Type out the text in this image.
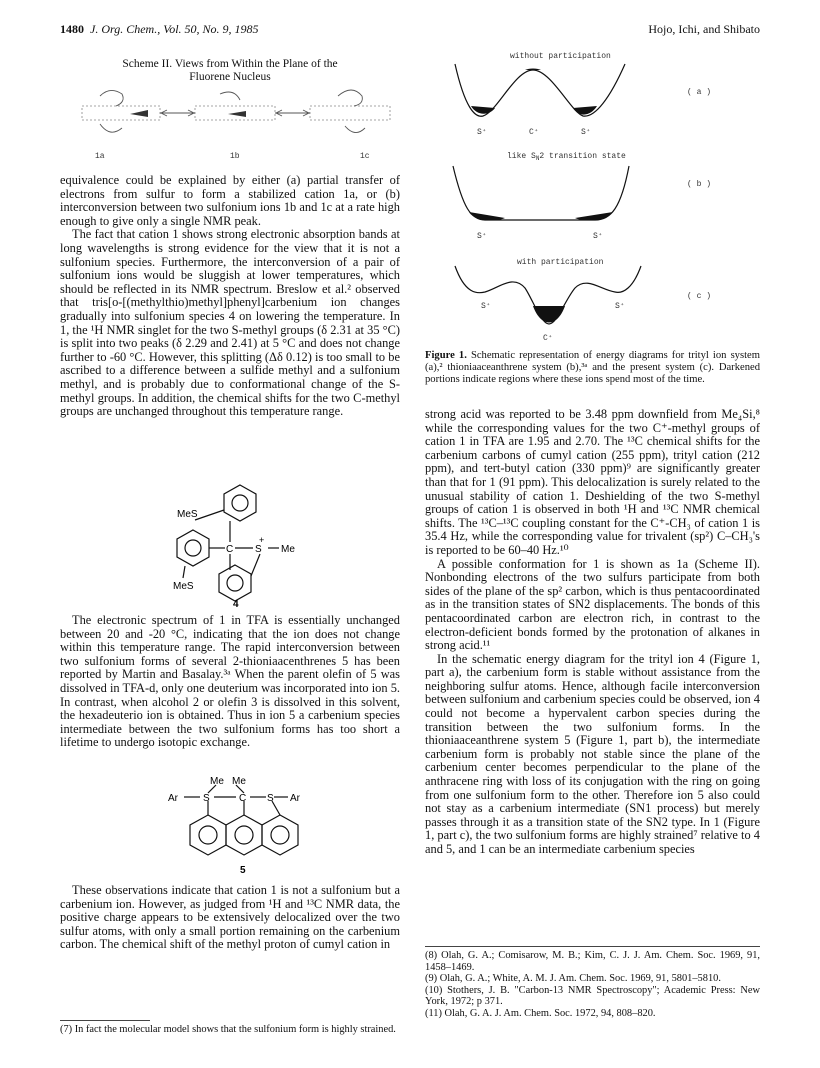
1480 J. Org. Chem., Vol. 50, No. 9, 1985	Hojo, Ichi, and Shibato
Scheme II. Views from Within the Plane of the
Fluorene Nucleus
1a	1b	1c

equivalence could be explained by either (a) partial transfer of electrons from sulfur to form a stabilized cation 1a, or (b) interconversion between two sulfonium ions 1b and 1c at a rate high enough to give only a single NMR peak.

The fact that cation 1 shows strong electronic absorption bands at long wavelengths is strong evidence for the view that it is not a sulfonium species. Furthermore, the interconversion of a pair of sulfonium ions would be sluggish at lower temperatures, which should be reflected in its NMR spectrum. Breslow et al.² observed that tris[o-[(methylthio)methyl]phenyl]carbenium ion changes gradually into sulfonium species 4 on lowering the temperature. In 1, the ¹H NMR singlet for the two S-methyl groups (δ 2.31 at 35 °C) is split into two peaks (δ 2.29 and 2.41) at 5 °C and does not change further to -60 °C. However, this splitting (Δδ 0.12) is too small to be ascribed to a difference between a sulfide methyl and a sulfonium methyl, and is probably due to conformational change of the S-methyl groups. In addition, the chemical shifts for the two C-methyl groups are unchanged throughout this temperature range.

MeS
C S
+
Me
MeS
4

The electronic spectrum of 1 in TFA is essentially unchanged between 20 and -20 °C, indicating that the ion does not change within this temperature range. The rapid interconversion between two sulfonium forms of several 2-thioniaacenthrenes 5 has been reported by Martin and Basalay.³ᵃ When the parent olefin of 5 was dissolved in TFA-d, only one deuterium was incorporated into ion 5. In contrast, when alcohol 2 or olefin 3 is dissolved in this solvent, the hexadeuterio ion is obtained. Thus in ion 5 a carbenium species intermediate between the two sulfonium forms has too short a lifetime to undergo isotopic exchange.

Me Me
Ar	S	C S Ar
5

These observations indicate that cation 1 is not a sulfonium but a carbenium ion. However, as judged from ¹H and ¹³C NMR data, the positive charge appears to be extensively delocalized over the two sulfur atoms, with only a small portion remaining on the carbenium carbon. The chemical shift of the methyl proton of cumyl cation in

(7) In fact the molecular model shows that the sulfonium form is highly strained.

without participation
S⁺	C⁺	S⁺
( a )
like $S_N2$ transition state
S⁺	S⁺
( b )
with participation
S⁺	S⁺
C⁺
( c )
Figure 1. Schematic representation of energy diagrams for trityl ion system (a),² thioniaaceanthrene system (b),³ᵃ and the present system (c). Darkened portions indicate regions where these ions spend most of the time.

strong acid was reported to be 3.48 ppm downfield from Me₄Si,⁸ while the corresponding values for the two C⁺-methyl groups of cation 1 in TFA are 1.95 and 2.70. The ¹³C chemical shifts for the carbenium carbons of cumyl cation (255 ppm), trityl cation (212 ppm), and tert-butyl cation (330 ppm)⁹ are significantly greater than that for 1 (91 ppm). This delocalization is surely related to the unusual stability of cation 1. Deshielding of the two S-methyl groups of cation 1 is observed in both ¹H and ¹³C NMR chemical shifts. The ¹³C–¹³C coupling constant for the C⁺-CH₃ of cation 1 is 35.4 Hz, while the corresponding value for trivalent (sp²) C–CH₃'s is reported to be 60–40 Hz.¹⁰

A possible conformation for 1 is shown as 1a (Scheme II). Nonbonding electrons of the two sulfurs participate from both sides of the plane of the sp² carbon, which is thus pentacoordinated as in the transition states of SN2 displacements. The bonds of this pentacoordinated carbon are electron rich, in contrast to the electron-deficient bonds formed by the protonation of alkanes in strong acid.¹¹

In the schematic energy diagram for the trityl ion 4 (Figure 1, part a), the carbenium form is stable without assistance from the neighboring sulfur atoms. Hence, although facile interconversion between sulfonium and carbenium species could be observed, ion 4 could not become a hypervalent carbon species during the transition between the two sulfonium forms. In the thioniaaceanthrene system 5 (Figure 1, part b), the intermediate carbenium form is probably not stable since the plane of the carbenium center becomes perpendicular to the plane of the anthracene ring with loss of its conjugation with the ring on going from one sulfonium form to the other. Therefore ion 5 also could not stay as a carbenium intermediate (SN1 process) but merely passes through it as a transition state of the SN2 type. In 1 (Figure 1, part c), the two sulfonium forms are highly strained⁷ relative to 4 and 5, and 1 can be an intermediate carbenium species

(8) Olah, G. A.; Comisarow, M. B.; Kim, C. J. J. Am. Chem. Soc. 1969, 91, 1458–1469.

(9) Olah, G. A.; White, A. M. J. Am. Chem. Soc. 1969, 91, 5801–5810.

(10) Stothers, J. B. "Carbon-13 NMR Spectroscopy"; Academic Press: New York, 1972; p 371.

(11) Olah, G. A. J. Am. Chem. Soc. 1972, 94, 808–820.
